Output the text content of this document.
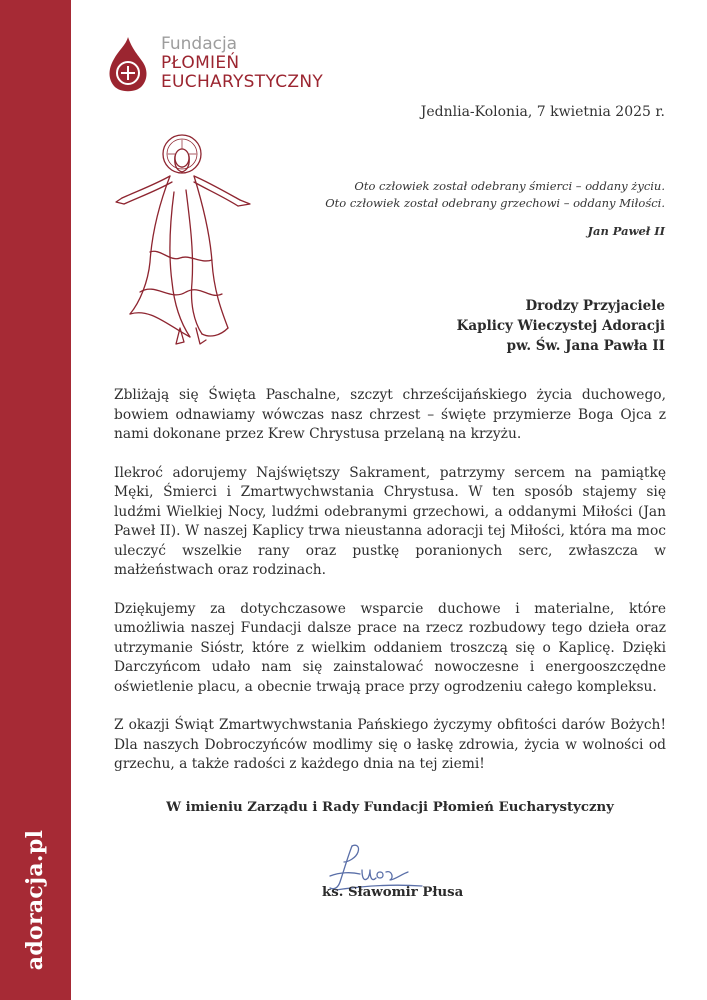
adoracja.pl
Fundacja
PŁOMIEŃ
EUCHARYSTYCZNY
Jednlia-Kolonia, 7 kwietnia 2025 r.
Oto człowiek został odebrany śmierci – oddany życiu.
Oto człowiek został odebrany grzechowi – oddany Miłości.
Jan Paweł II
Drodzy Przyjaciele
Kaplicy Wieczystej Adoracji
pw. Św. Jana Pawła II

Zbliżają się Święta Paschalne, szczyt chrześcijańskiego życia duchowego, bowiem odnawiamy wówczas nasz chrzest – święte przymierze Boga Ojca z nami dokonane przez Krew Chrystusa przelaną na krzyżu.

Ilekroć adorujemy Najświętszy Sakrament, patrzymy sercem na pamiątkę Męki, Śmierci i Zmartwychwstania Chrystusa. W ten sposób stajemy się ludźmi Wielkiej Nocy, ludźmi odebranymi grzechowi, a oddanymi Miłości (Jan Paweł II). W naszej Kaplicy trwa nieustanna adoracji tej Miłości, która ma moc uleczyć wszelkie rany oraz pustkę poranionych serc, zwłaszcza w małżeństwach oraz rodzinach.

Dziękujemy za dotychczasowe wsparcie duchowe i materialne, które umożliwia naszej Fundacji dalsze prace na rzecz rozbudowy tego dzieła oraz utrzymanie Sióstr, które z wielkim oddaniem troszczą się o Kaplicę. Dzięki Darczyńcom udało nam się zainstalować nowoczesne i energooszczędne oświetlenie placu, a obecnie trwają prace przy ogrodzeniu całego kompleksu.

Z okazji Świąt Zmartwychwstania Pańskiego życzymy obfitości darów Bożych! Dla naszych Dobroczyńców modlimy się o łaskę zdrowia, życia w wolności od grzechu, a także radości z każdego dnia na tej ziemi!

W imieniu Zarządu i Rady Fundacji Płomień Eucharystyczny
ks. Sławomir Płusa
